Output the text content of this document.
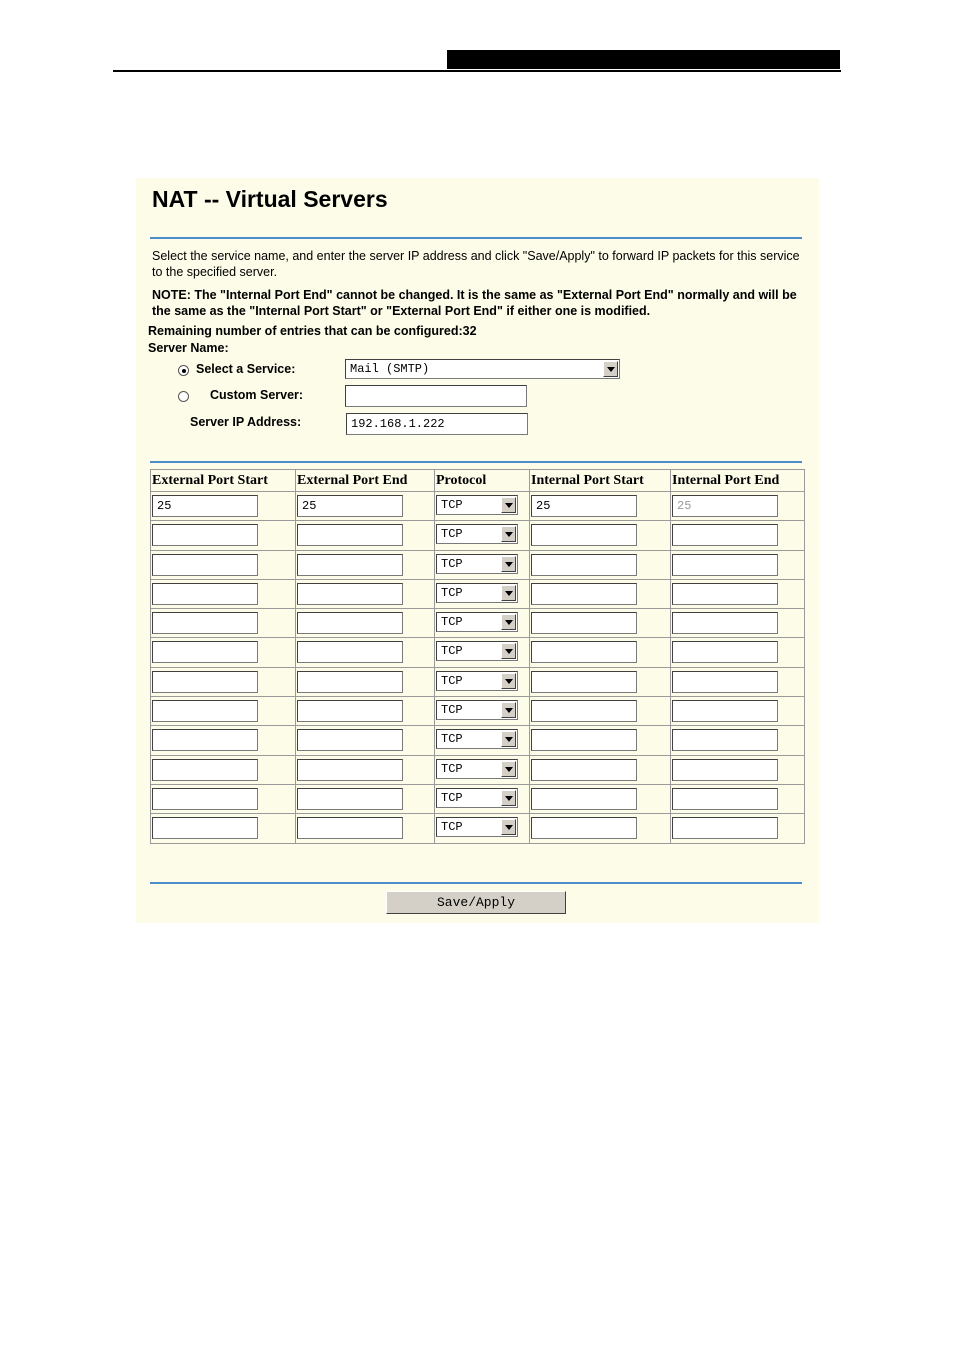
NAT -- Virtual Servers
Select the service name, and enter the server IP address and click "Save/Apply" to forward IP packets for this service to the specified server.
NOTE: The "Internal Port End" cannot be changed. It is the same as "External Port End" normally and will be the same as the "Internal Port Start" or "External Port End" if either one is modified.
Remaining number of entries that can be configured:32
Server Name:
Select a Service:	Mail (SMTP)
Custom Server:
Server IP Address:	192.168.1.222
External Port Start	External Port End	Protocol	Internal Port Start	Internal Port End

25	25	TCP	25	25

		TCP		

		TCP		

		TCP		

		TCP		

		TCP		

		TCP		

		TCP		

		TCP		

		TCP		

		TCP		

		TCP		

Save/Apply
